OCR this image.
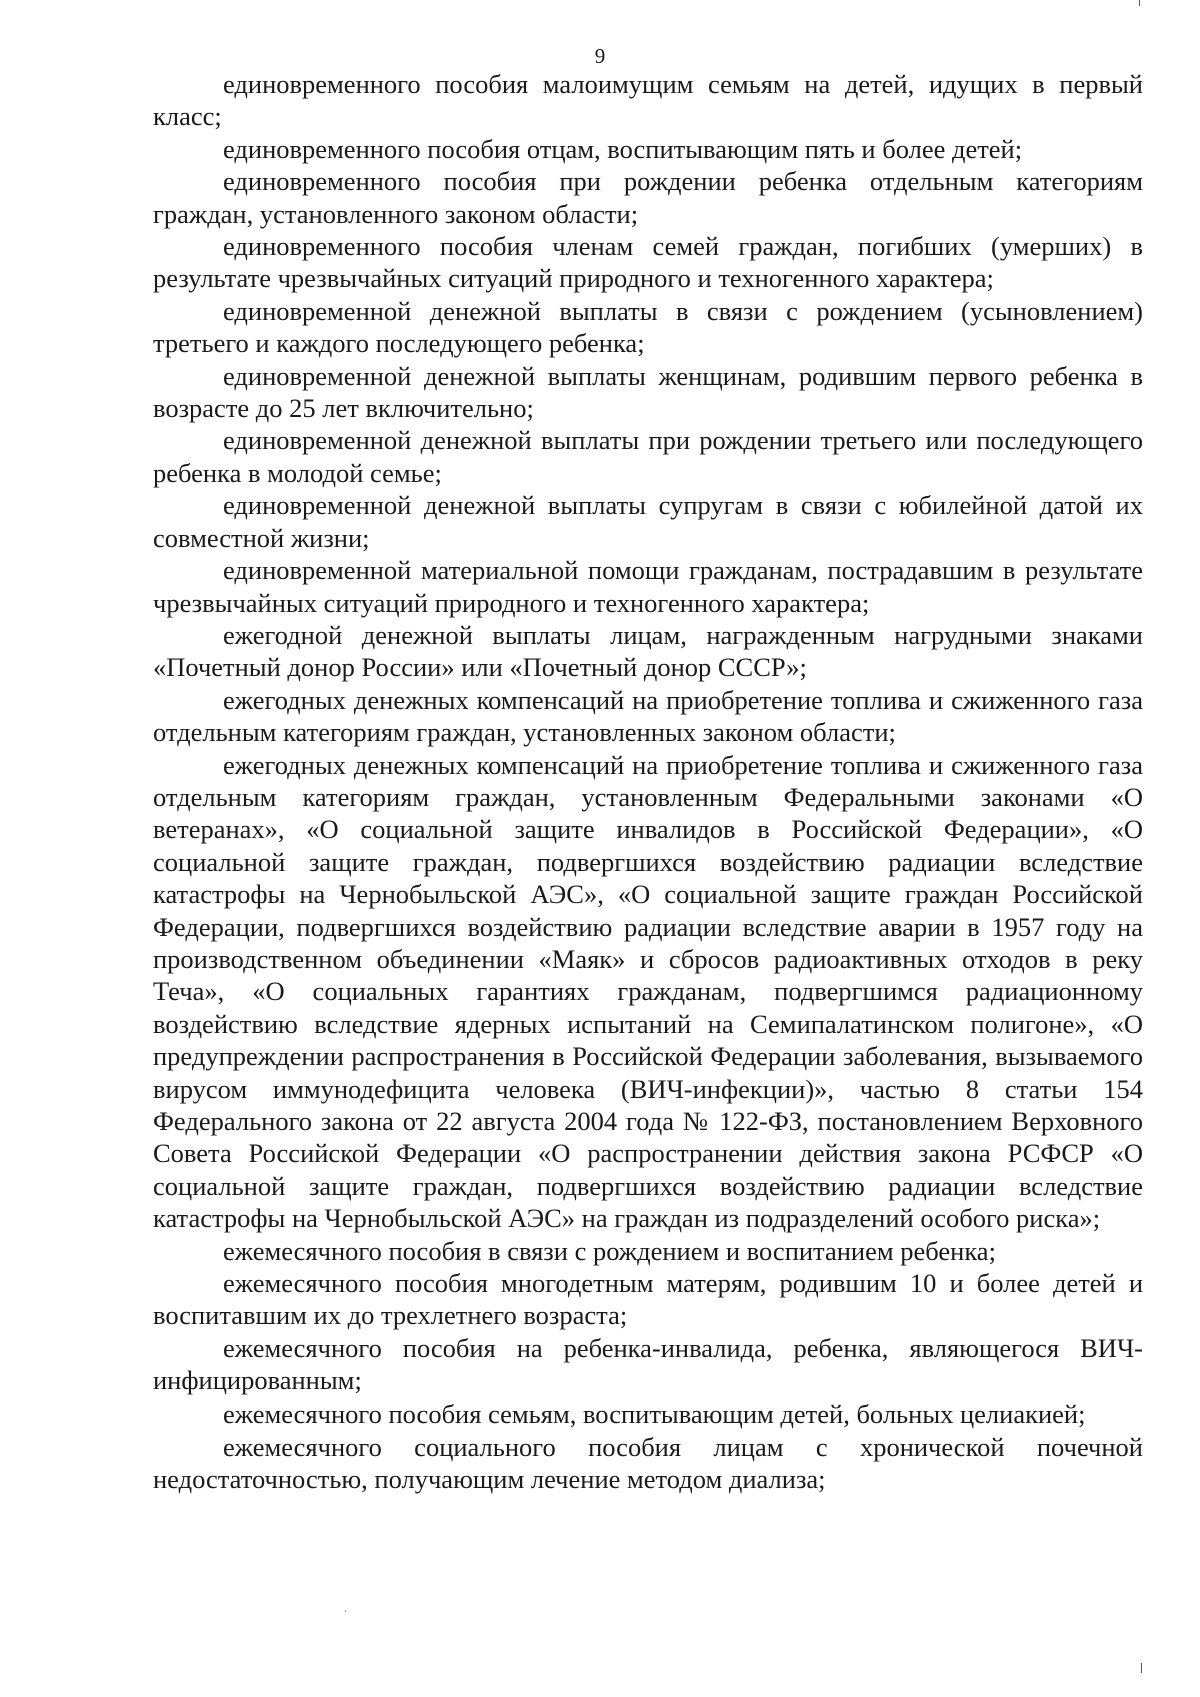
9

единовременного пособия малоимущим семьям на детей, идущих в первый класс;

единовременного пособия отцам, воспитывающим пять и более детей;

единовременного пособия при рождении ребенка отдельным категориям граждан, установленного законом области;

единовременного пособия членам семей граждан, погибших (умерших) в результате чрезвычайных ситуаций природного и техногенного характера;

единовременной денежной выплаты в связи с рождением (усыновлением) третьего и каждого последующего ребенка;

единовременной денежной выплаты женщинам, родившим первого ребенка в возрасте до 25 лет включительно;

единовременной денежной выплаты при рождении третьего или последующего ребенка в молодой семье;

единовременной денежной выплаты супругам в связи с юбилейной датой их совместной жизни;

единовременной материальной помощи гражданам, пострадавшим в результате чрезвычайных ситуаций природного и техногенного характера;

ежегодной денежной выплаты лицам, награжденным нагрудными знаками «Почетный донор России» или «Почетный донор СССР»;

ежегодных денежных компенсаций на приобретение топлива и сжиженного газа отдельным категориям граждан, установленных законом области;

ежегодных денежных компенсаций на приобретение топлива и сжиженного газа отдельным категориям граждан, установленным Федеральными законами «О ветеранах», «О социальной защите инвалидов в Российской Федерации», «О социальной защите граждан, подвергшихся воздействию радиации вследствие катастрофы на Чернобыльской АЭС», «О социальной защите граждан Российской Федерации, подвергшихся воздействию радиации вследствие аварии в 1957 году на производственном объединении «Маяк» и сбросов радиоактивных отходов в реку Теча», «О социальных гарантиях гражданам, подвергшимся радиационному воздействию вследствие ядерных испытаний на Семипалатинском полигоне», «О предупреждении распространения в Российской Федерации заболевания, вызываемого вирусом иммунодефицита человека (ВИЧ-инфекции)», частью 8 статьи 154 Федерального закона от 22 августа 2004 года № 122-ФЗ, постановлением Верховного Совета Российской Федерации «О распространении действия закона РСФСР «О социальной защите граждан, подвергшихся воздействию радиации вследствие катастрофы на Чернобыльской АЭС» на граждан из подразделений особого риска»;

ежемесячного пособия в связи с рождением и воспитанием ребенка;

ежемесячного пособия многодетным матерям, родившим 10 и более детей и воспитавшим их до трехлетнего возраста;

ежемесячного пособия на ребенка-инвалида, ребенка, являющегося ВИЧ-инфицированным;

ежемесячного пособия семьям, воспитывающим детей, больных целиакией;

ежемесячного социального пособия лицам с хронической почечной недостаточностью, получающим лечение методом диализа;
